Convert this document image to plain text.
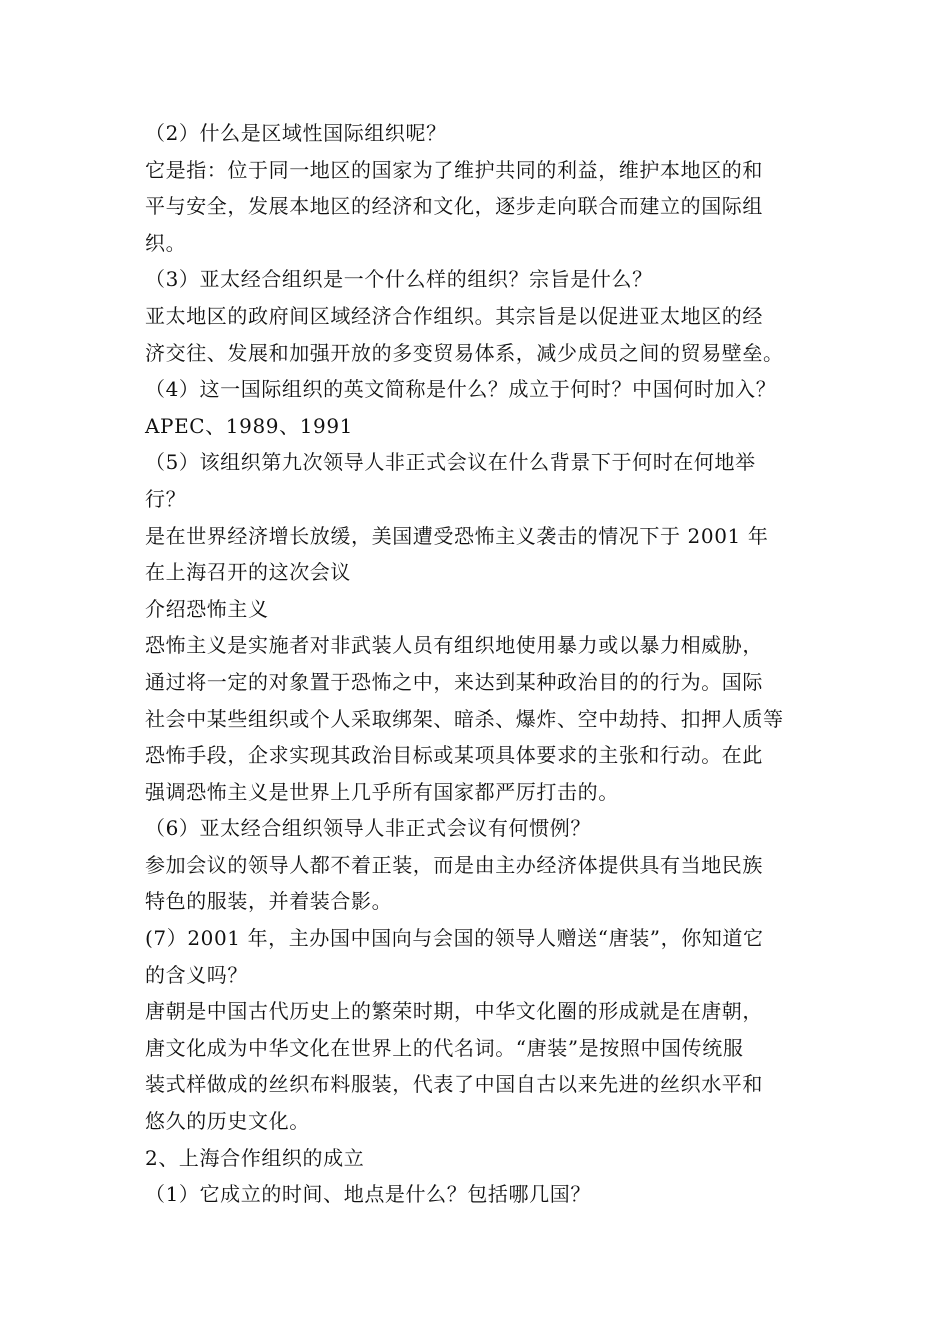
（2）什么是区域性国际组织呢？
它是指：位于同一地区的国家为了维护共同的利益，维护本地区的和
平与安全，发展本地区的经济和文化，逐步走向联合而建立的国际组
织。
（3）亚太经合组织是一个什么样的组织？宗旨是什么？
亚太地区的政府间区域经济合作组织。其宗旨是以促进亚太地区的经
济交往、发展和加强开放的多变贸易体系，减少成员之间的贸易壁垒。
（4）这一国际组织的英文简称是什么？成立于何时？中国何时加入？
APEC、1989、1991
（5）该组织第九次领导人非正式会议在什么背景下于何时在何地举
行？
是在世界经济增长放缓，美国遭受恐怖主义袭击的情况下于 2001 年
在上海召开的这次会议
介绍恐怖主义
恐怖主义是实施者对非武装人员有组织地使用暴力或以暴力相威胁，
通过将一定的对象置于恐怖之中，来达到某种政治目的的行为。国际
社会中某些组织或个人采取绑架、暗杀、爆炸、空中劫持、扣押人质等
恐怖手段，企求实现其政治目标或某项具体要求的主张和行动。在此
强调恐怖主义是世界上几乎所有国家都严厉打击的。
（6）亚太经合组织领导人非正式会议有何惯例？
参加会议的领导人都不着正装，而是由主办经济体提供具有当地民族
特色的服装，并着装合影。
(7）2001 年，主办国中国向与会国的领导人赠送“唐装”，你知道它
的含义吗？
唐朝是中国古代历史上的繁荣时期，中华文化圈的形成就是在唐朝，
唐文化成为中华文化在世界上的代名词。“唐装”是按照中国传统服
装式样做成的丝织布料服装，代表了中国自古以来先进的丝织水平和
悠久的历史文化。
2、上海合作组织的成立
（1）它成立的时间、地点是什么？包括哪几国？
